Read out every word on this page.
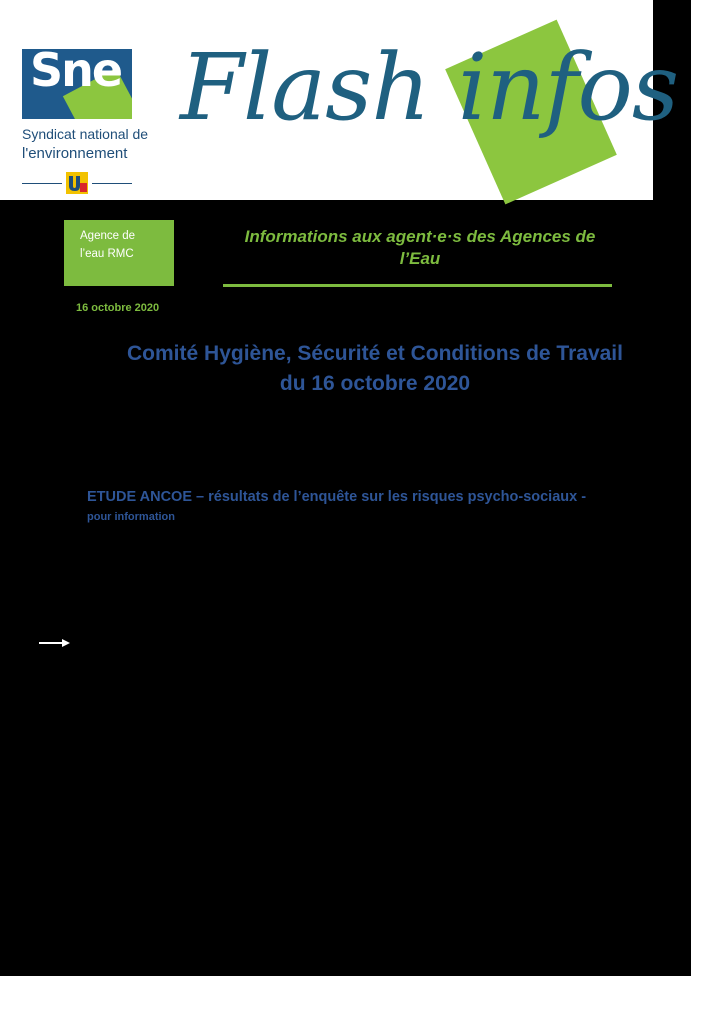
Sne
Syndicat national de
l'environnement
Flash infos
Agence de
l’eau RMC
Informations aux agent·e·s des Agences de
l’Eau
16 octobre 2020
Comité Hygiène, Sécurité et Conditions de Travail
du 16 octobre 2020
ETUDE ANCOE – résultats de l’enquête sur les risques psycho-sociaux -
pour information
